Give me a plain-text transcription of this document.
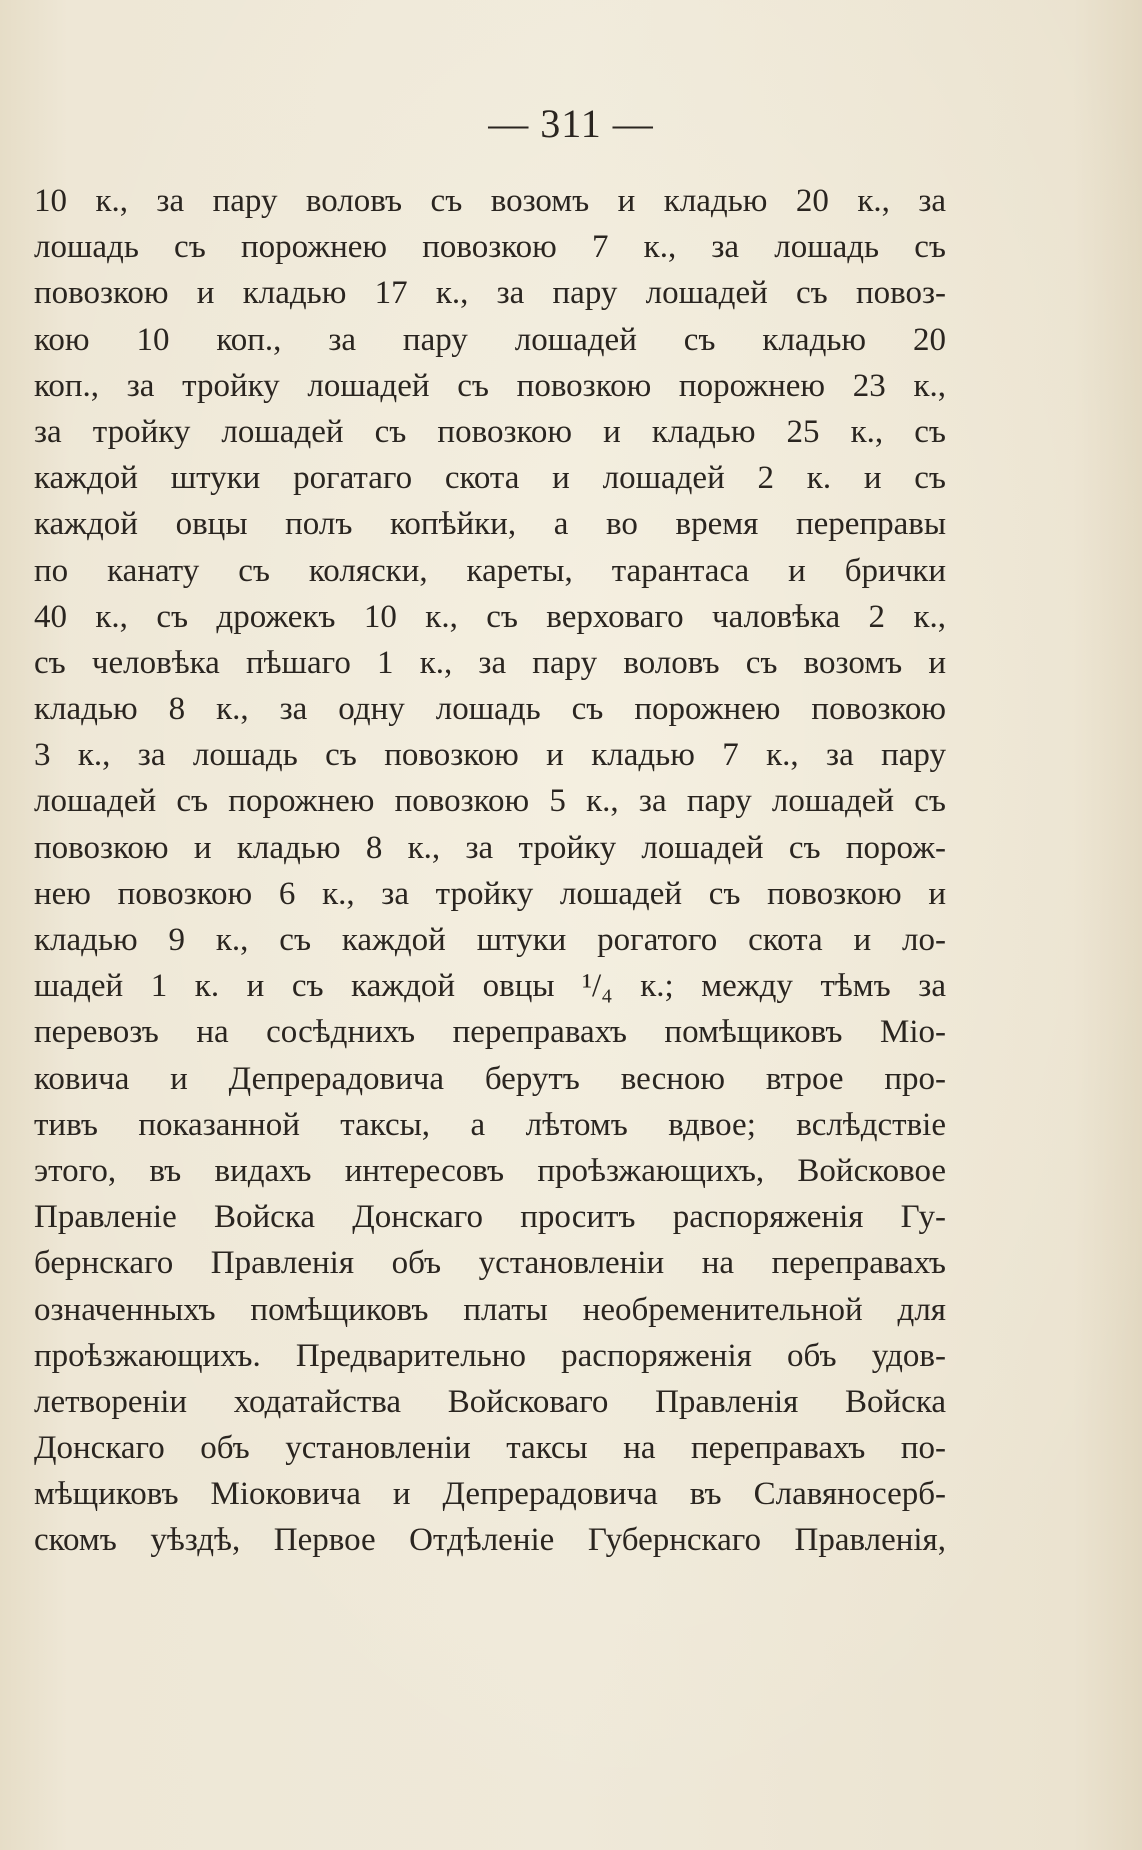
— 311 —
10 к., за пару воловъ съ возомъ и кладью 20 к., за
лошадь съ порожнею повозкою 7 к., за лошадь съ
повозкою и кладью 17 к., за пару лошадей съ повоз-
кою 10 коп., за пару лошадей съ кладью 20
коп., за тройку лошадей съ повозкою порожнею 23 к.,
за тройку лошадей съ повозкою и кладью 25 к., съ
каждой штуки рогатаго скота и лошадей 2 к. и съ
каждой овцы полъ копѣйки, а во время переправы
по канату съ коляски, кареты, тарантаса и брички
40 к., съ дрожекъ 10 к., съ верховаго чаловѣка 2 к.,
съ человѣка пѣшаго 1 к., за пару воловъ съ возомъ и
кладью 8 к., за одну лошадь съ порожнею повозкою
3 к., за лошадь съ повозкою и кладью 7 к., за пару
лошадей съ порожнею повозкою 5 к., за пару лошадей съ
повозкою и кладью 8 к., за тройку лошадей съ порож-
нею повозкою 6 к., за тройку лошадей съ повозкою и
кладью 9 к., съ каждой штуки рогатого скота и ло-
шадей 1 к. и съ каждой овцы ¹/₄ к.; между тѣмъ за
перевозъ на сосѣднихъ переправахъ помѣщиковъ Міо-
ковича и Депрерадовича берутъ весною втрое про-
тивъ показанной таксы, а лѣтомъ вдвое; вслѣдствіе
этого, въ видахъ интересовъ проѣзжающихъ, Войсковое
Правленіе Войска Донскаго проситъ распоряженія Гу-
бернскаго Правленія объ установленіи на переправахъ
означенныхъ помѣщиковъ платы необременительной для
проѣзжающихъ. Предварительно распоряженія объ удов-
летвореніи ходатайства Войсковаго Правленія Войска
Донскаго объ установленіи таксы на переправахъ по-
мѣщиковъ Міоковича и Депрерадовича въ Славяносерб-
скомъ уѣздѣ, Первое Отдѣленіе Губернскаго Правленія,
